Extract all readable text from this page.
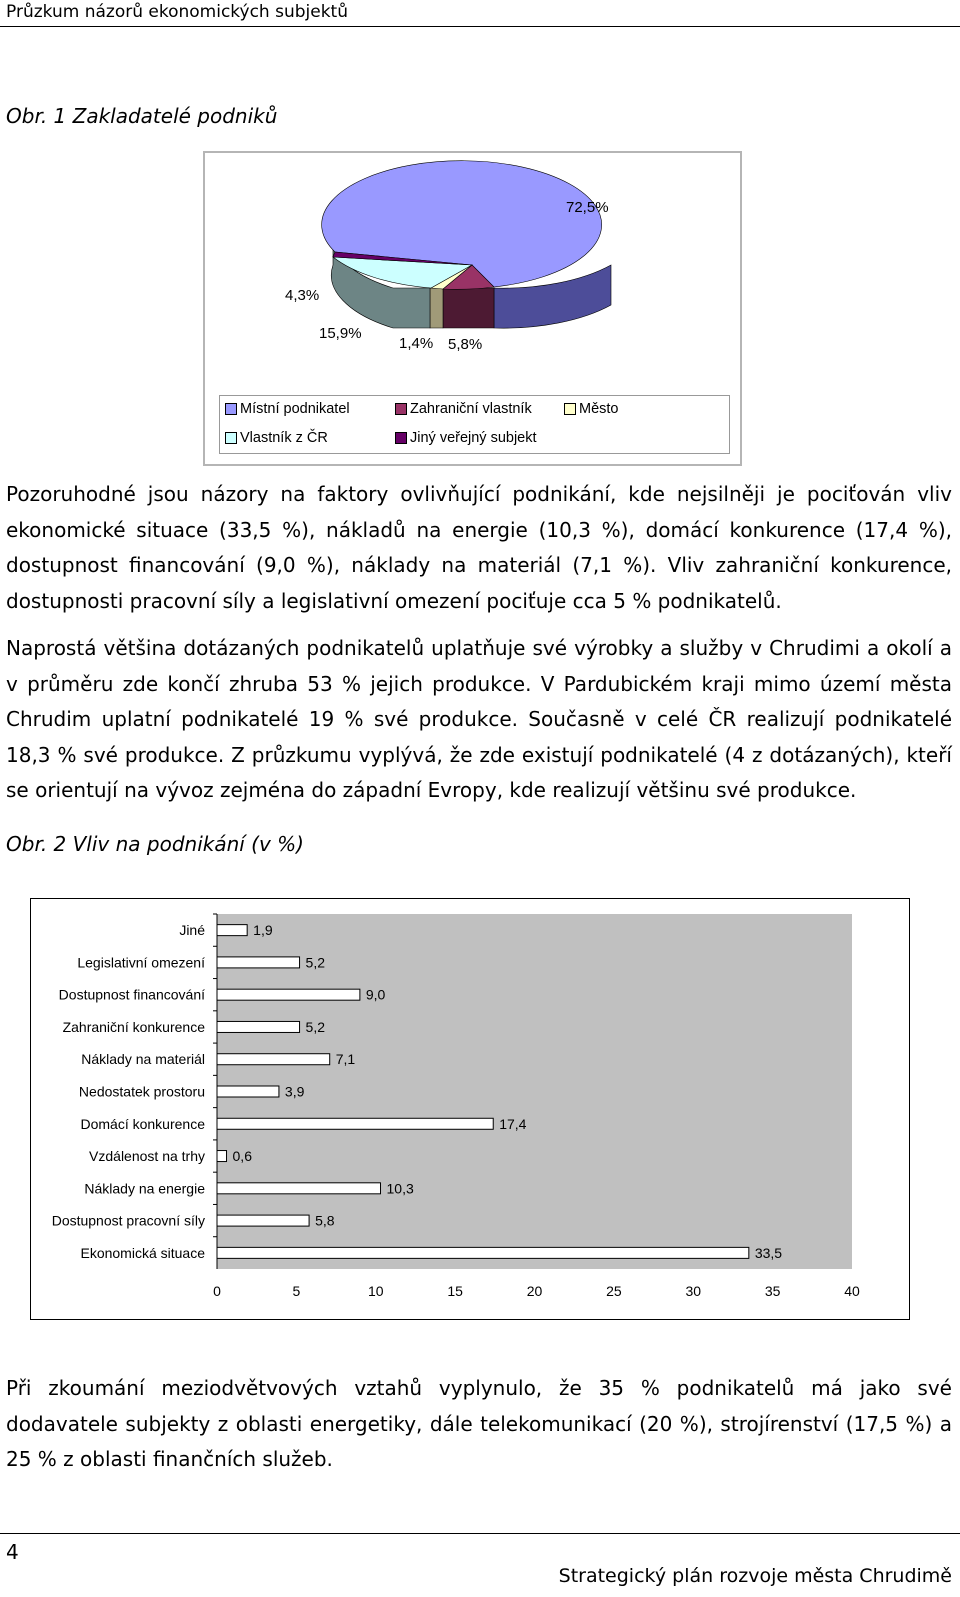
Průzkum názorů ekonomických subjektů
Obr. 1 Zakladatelé podniků
72,5%
4,3%
15,9%
1,4% 5,8%
Místní podnikatel	Zahraniční vlastník	Město
Vlastník z ČR	Jiný veřejný subjekt
Pozoruhodné jsou názory na faktory ovlivňující podnikání, kde nejsilněji je pociťován vliv ekonomické situace (33,5 %), nákladů na energie (10,3 %), domácí konkurence (17,4 %), dostupnost financování (9,0 %), náklady na materiál (7,1 %). Vliv zahraniční konkurence, dostupnosti pracovní síly a legislativní omezení pociťuje cca 5 % podnikatelů.
Naprostá většina dotázaných podnikatelů uplatňuje své výrobky a služby v Chrudimi a okolí a v průměru zde končí zhruba 53 % jejich produkce. V Pardubickém kraji mimo území města Chrudim uplatní podnikatelé 19 % své produkce. Současně v celé ČR realizují podnikatelé 18,3 % své produkce. Z průzkumu vyplývá, že zde existují podnikatelé (4 z dotázaných), kteří se orientují na vývoz zejména do západní Evropy, kde realizují většinu své produkce.
Obr. 2 Vliv na podnikání (v %)
Jiné	1,9
Legislativní omezení	5,2
Dostupnost financování	9,0
Zahraniční konkurence	5,2
Náklady na materiál	7,1
Nedostatek prostoru	3,9
Domácí konkurence	17,4
Vzdálenost na trhy 0,6
Náklady na energie	10,3
Dostupnost pracovní síly	5,8
Ekonomická situace	33,5
0	5	10	15	20	25	30	35	40
Při zkoumání meziodvětvových vztahů vyplynulo, že 35 % podnikatelů má jako své dodavatele subjekty z oblasti energetiky, dále telekomunikací (20 %), strojírenství (17,5 %) a 25 % z oblasti finančních služeb.
4
Strategický plán rozvoje města Chrudimě
